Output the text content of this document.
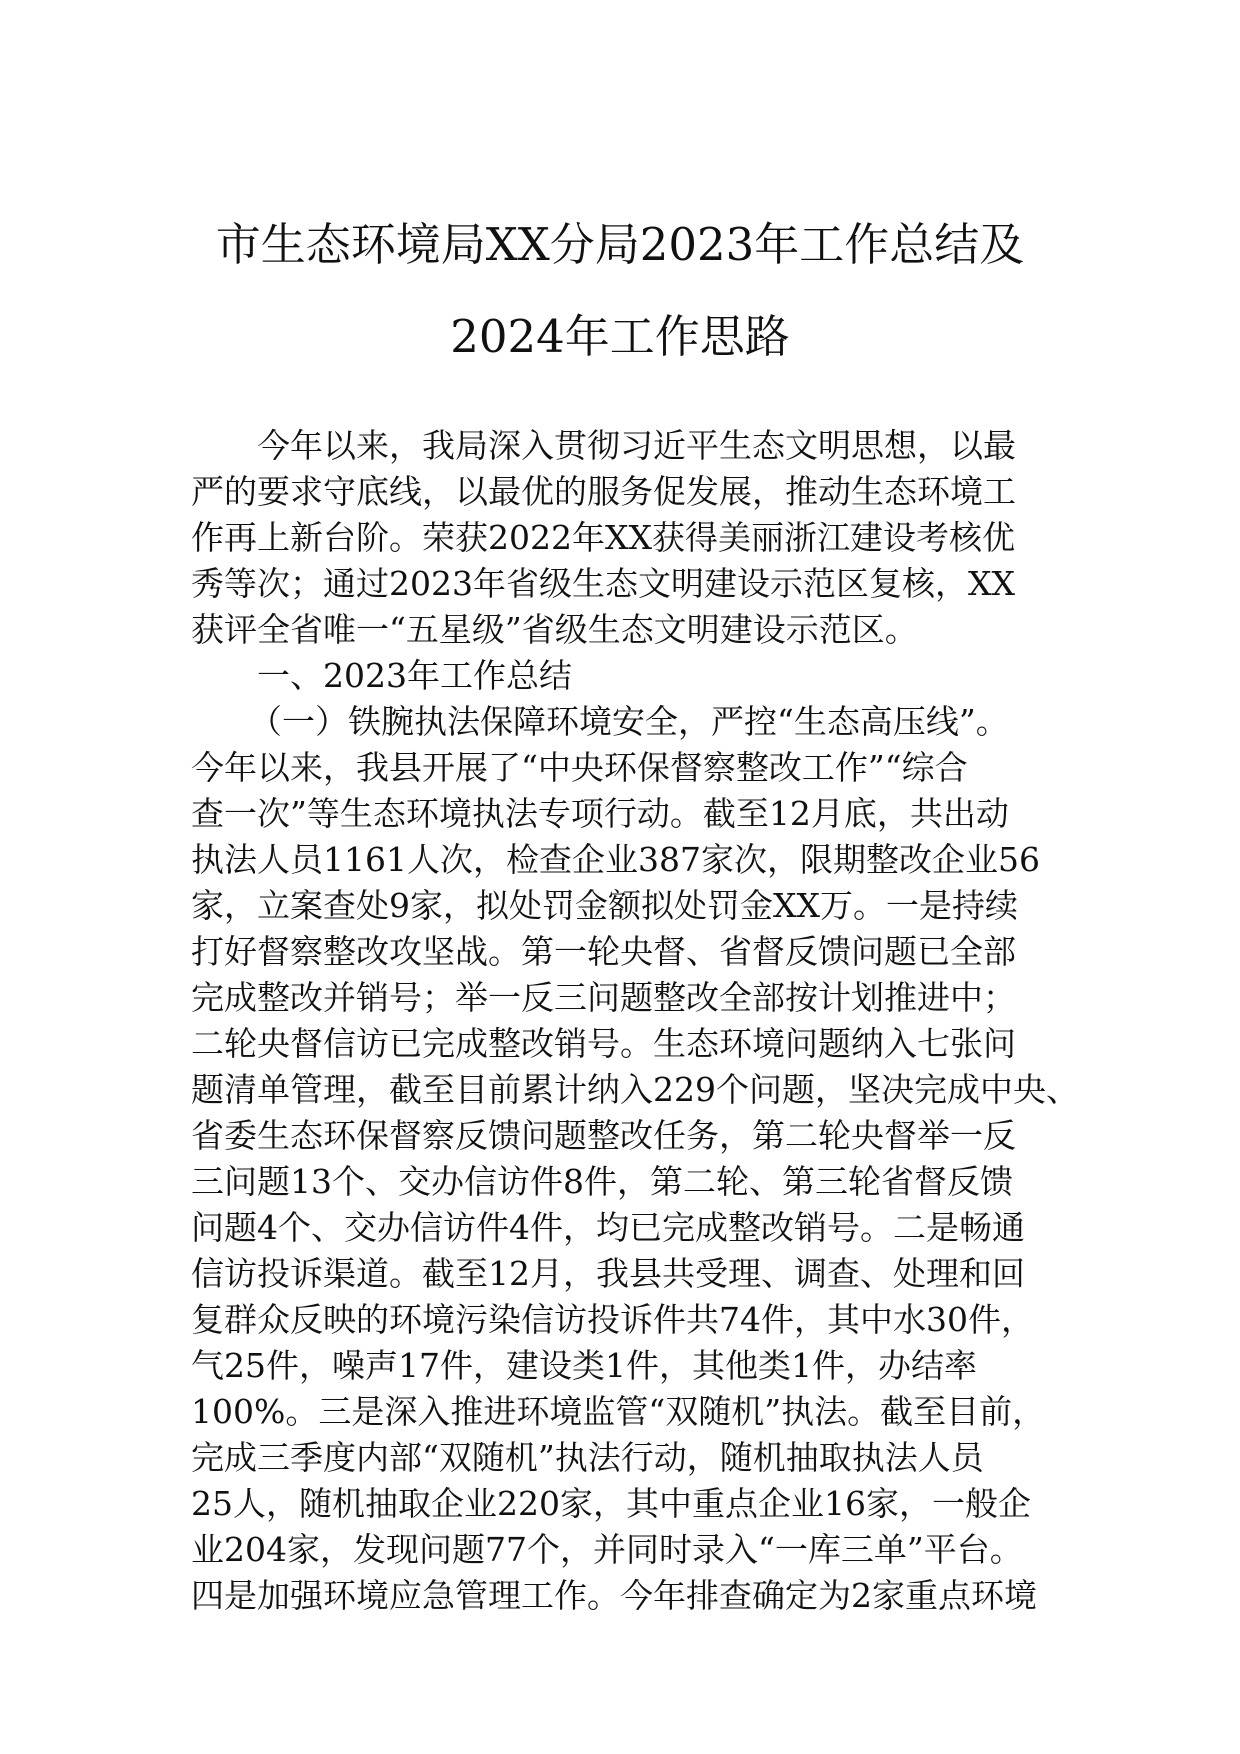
市生态环境局XX分局2023年工作总结及
2024年工作思路
今年以来，我局深入贯彻习近平生态文明思想，以最
严的要求守底线，以最优的服务促发展，推动生态环境工
作再上新台阶。荣获2022年XX获得美丽浙江建设考核优
秀等次；通过2023年省级生态文明建设示范区复核，XX
获评全省唯一“五星级”省级生态文明建设示范区。
一、2023年工作总结
（一）铁腕执法保障环境安全，严控“生态高压线”。
今年以来，我县开展了“中央环保督察整改工作”“综合
查一次”等生态环境执法专项行动。截至12月底，共出动
执法人员1161人次，检查企业387家次，限期整改企业56
家，立案查处9家，拟处罚金额拟处罚金XX万。一是持续
打好督察整改攻坚战。第一轮央督、省督反馈问题已全部
完成整改并销号；举一反三问题整改全部按计划推进中；
二轮央督信访已完成整改销号。生态环境问题纳入七张问
题清单管理，截至目前累计纳入229个问题，坚决完成中央、
省委生态环保督察反馈问题整改任务，第二轮央督举一反
三问题13个、交办信访件8件，第二轮、第三轮省督反馈
问题4个、交办信访件4件，均已完成整改销号。二是畅通
信访投诉渠道。截至12月，我县共受理、调查、处理和回
复群众反映的环境污染信访投诉件共74件，其中水30件，
气25件，噪声17件，建设类1件，其他类1件，办结率
100%。三是深入推进环境监管“双随机”执法。截至目前，
完成三季度内部“双随机”执法行动，随机抽取执法人员
25人，随机抽取企业220家，其中重点企业16家，一般企
业204家，发现问题77个，并同时录入“一库三单”平台。
四是加强环境应急管理工作。今年排查确定为2家重点环境
